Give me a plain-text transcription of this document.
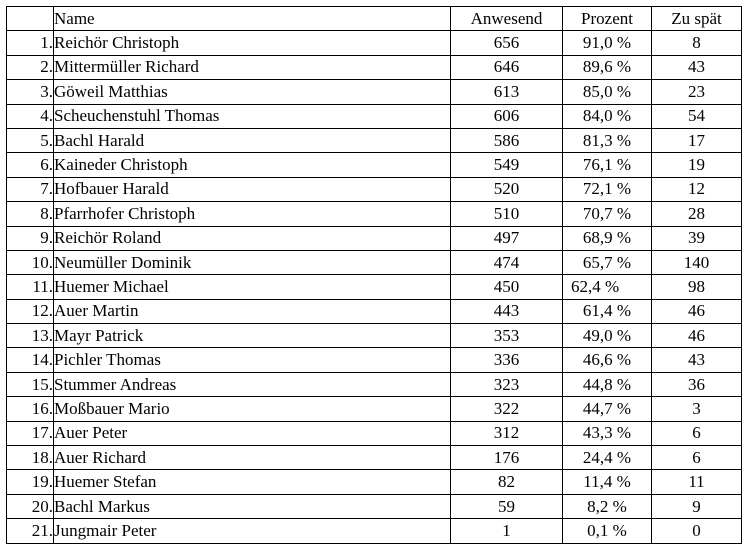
	Name	Anwesend	Prozent	Zu spät
1.	Reichör Christoph	656	91,0 %	8
2.	Mittermüller Richard	646	89,6 %	43
3.	Göweil Matthias	613	85,0 %	23
4.	Scheuchenstuhl Thomas	606	84,0 %	54
5.	Bachl Harald	586	81,3 %	17
6.	Kaineder Christoph	549	76,1 %	19
7.	Hofbauer Harald	520	72,1 %	12
8.	Pfarrhofer Christoph	510	70,7 %	28
9.	Reichör Roland	497	68,9 %	39
10.	Neumüller Dominik	474	65,7 %	140
11.	Huemer Michael	450	62,4 %	98
12.	Auer Martin	443	61,4 %	46
13.	Mayr Patrick	353	49,0 %	46
14.	Pichler Thomas	336	46,6 %	43
15.	Stummer Andreas	323	44,8 %	36
16.	Moßbauer Mario	322	44,7 %	3
17.	Auer Peter	312	43,3 %	6
18.	Auer Richard	176	24,4 %	6
19.	Huemer Stefan	82	11,4 %	11
20.	Bachl Markus	59	8,2 %	9
21.	Jungmair Peter	1	0,1 %	0
